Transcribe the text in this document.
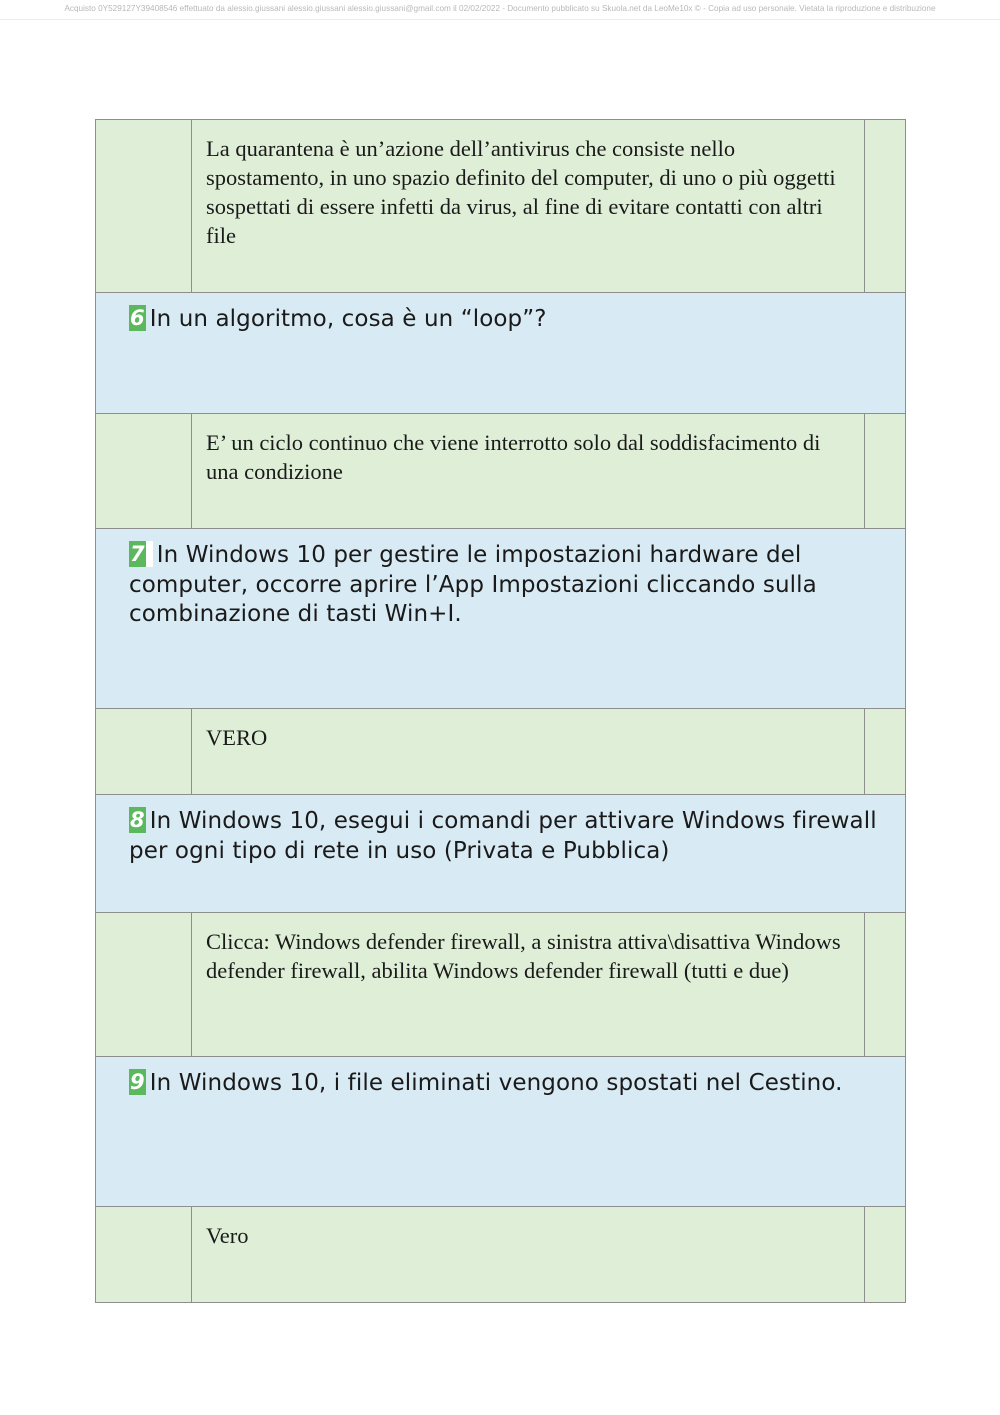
Acquisto 0Y529127Y39408546 effettuato da alessio.giussani alessio.giussani alessio.giussani@gmail.com il 02/02/2022 - Documento pubblicato su Skuola.net da LeoMe10x © - Copia ad uso personale. Vietata la riproduzione e distribuzione
La quarantena è un’azione dell’antivirus che consiste nello spostamento, in uno spazio definito del computer, di uno o più oggetti sospettati di essere infetti da virus, al fine di evitare contatti con altri file
6 In un algoritmo, cosa è un “loop”?
E’ un ciclo continuo che viene interrotto solo dal soddisfacimento di una condizione
7 In Windows 10 per gestire le impostazioni hardware del computer, occorre aprire l’App Impostazioni cliccando sulla combinazione di tasti Win+I.
VERO
8 In Windows 10, esegui i comandi per attivare Windows firewall per ogni tipo di rete in uso (Privata e Pubblica)
Clicca: Windows defender firewall, a sinistra attiva\disattiva Windows defender firewall, abilita Windows defender firewall (tutti e due)
9 In Windows 10, i file eliminati vengono spostati nel Cestino.
Vero
